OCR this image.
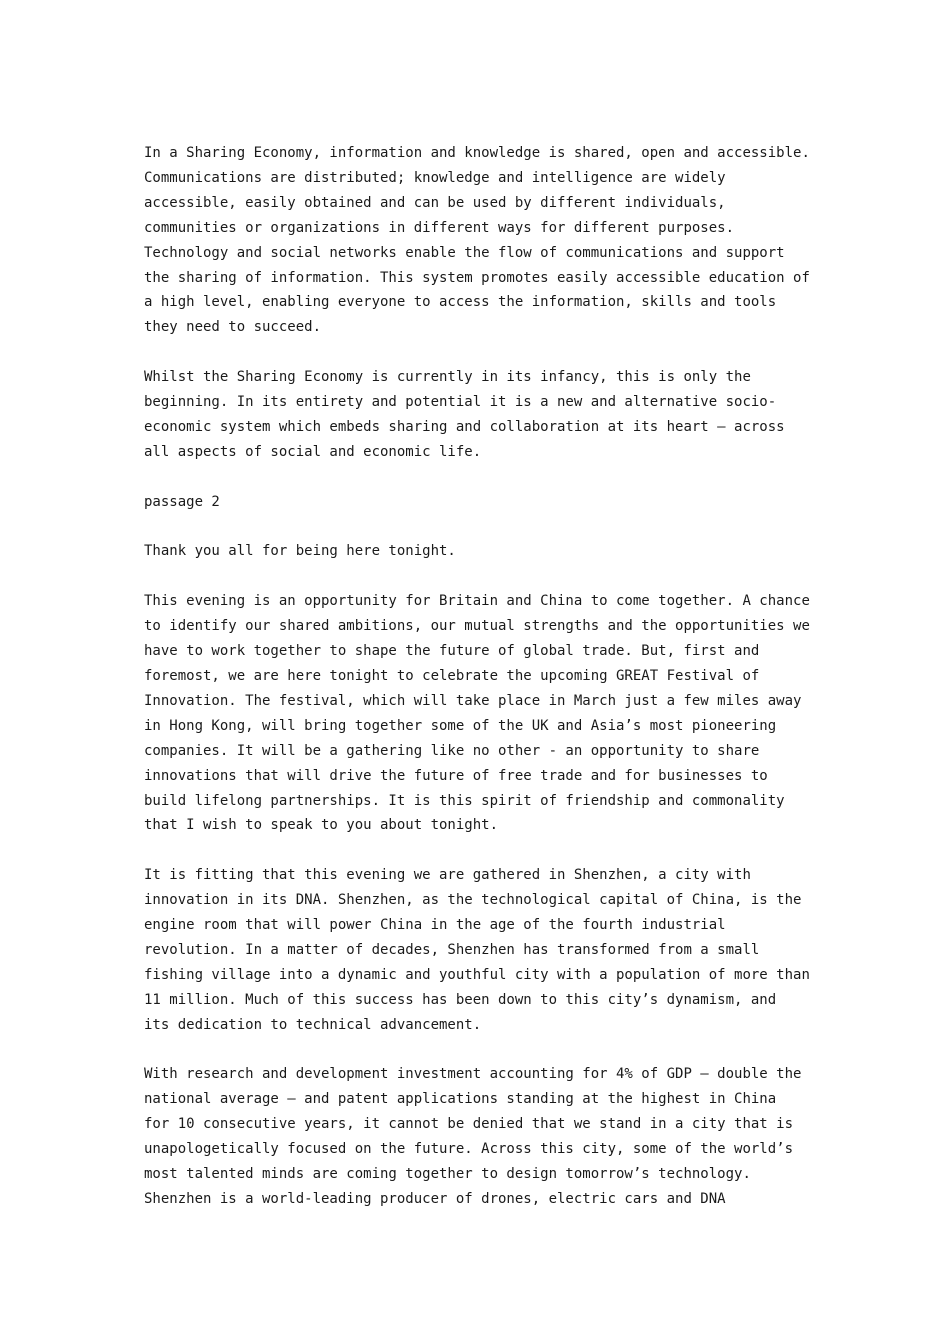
In a Sharing Economy, information and knowledge is shared, open and accessible.
Communications are distributed; knowledge and intelligence are widely
accessible, easily obtained and can be used by different individuals,
communities or organizations in different ways for different purposes.
Technology and social networks enable the flow of communications and support
the sharing of information. This system promotes easily accessible education of
a high level, enabling everyone to access the information, skills and tools
they need to succeed.

Whilst the Sharing Economy is currently in its infancy, this is only the
beginning. In its entirety and potential it is a new and alternative socio-
economic system which embeds sharing and collaboration at its heart – across
all aspects of social and economic life.

passage 2

Thank you all for being here tonight.

This evening is an opportunity for Britain and China to come together. A chance
to identify our shared ambitions, our mutual strengths and the opportunities we
have to work together to shape the future of global trade. But, first and
foremost, we are here tonight to celebrate the upcoming GREAT Festival of
Innovation. The festival, which will take place in March just a few miles away
in Hong Kong, will bring together some of the UK and Asia’s most pioneering
companies. It will be a gathering like no other - an opportunity to share
innovations that will drive the future of free trade and for businesses to
build lifelong partnerships. It is this spirit of friendship and commonality
that I wish to speak to you about tonight.

It is fitting that this evening we are gathered in Shenzhen, a city with
innovation in its DNA. Shenzhen, as the technological capital of China, is the
engine room that will power China in the age of the fourth industrial
revolution. In a matter of decades, Shenzhen has transformed from a small
fishing village into a dynamic and youthful city with a population of more than
11 million. Much of this success has been down to this city’s dynamism, and
its dedication to technical advancement.

With research and development investment accounting for 4% of GDP – double the
national average – and patent applications standing at the highest in China
for 10 consecutive years, it cannot be denied that we stand in a city that is
unapologetically focused on the future. Across this city, some of the world’s
most talented minds are coming together to design tomorrow’s technology.
Shenzhen is a world-leading producer of drones, electric cars and DNA
